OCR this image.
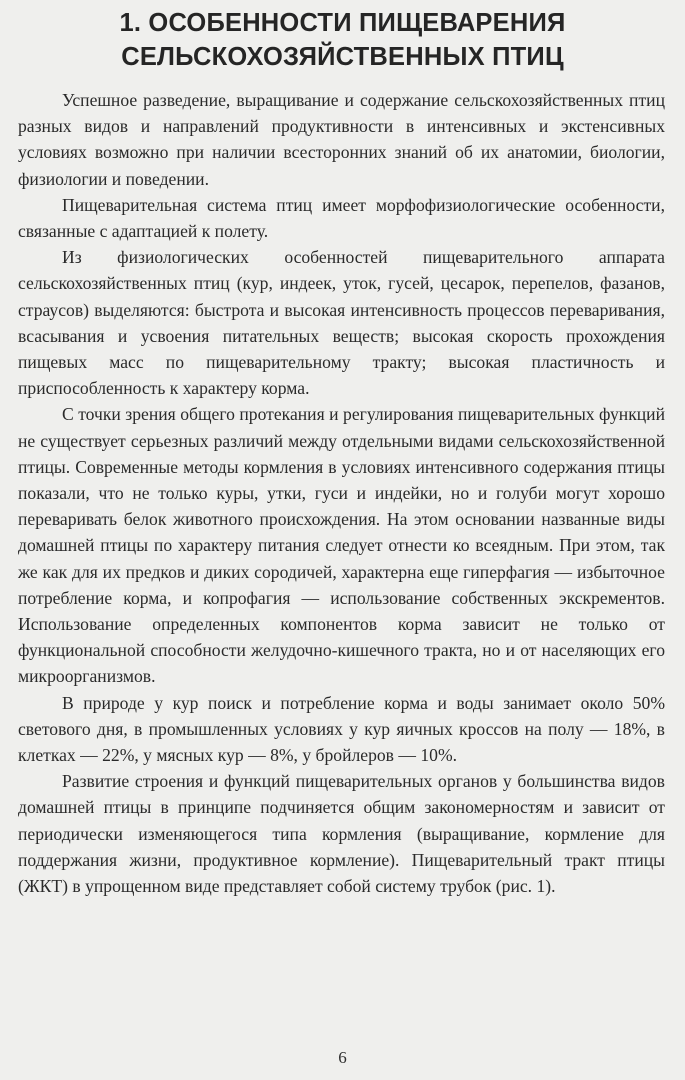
1. ОСОБЕННОСТИ ПИЩЕВАРЕНИЯ
СЕЛЬСКОХОЗЯЙСТВЕННЫХ ПТИЦ

Успешное разведение, выращивание и содержание сельскохозяйственных птиц разных видов и направлений продуктивности в интенсивных и экстенсивных условиях возможно при наличии всесторонних знаний об их анатомии, биологии, физиологии и поведении.

Пищеварительная система птиц имеет морфофизиологические особенности, связанные с адаптацией к полету.

Из физиологических особенностей пищеварительного аппарата сельскохозяйственных птиц (кур, индеек, уток, гусей, цесарок, перепелов, фазанов, страусов) выделяются: быстрота и высокая интенсивность процессов переваривания, всасывания и усвоения питательных веществ; высокая скорость прохождения пищевых масс по пищеварительному тракту; высокая пластичность и приспособленность к характеру корма.

С точки зрения общего протекания и регулирования пищеварительных функций не существует серьезных различий между отдельными видами сельскохозяйственной птицы. Современные методы кормления в условиях интенсивного содержания птицы показали, что не только куры, утки, гуси и индейки, но и голуби могут хорошо переваривать белок животного происхождения. На этом основании названные виды домашней птицы по характеру питания следует отнести ко всеядным. При этом, так же как для их предков и диких сородичей, характерна еще гиперфагия — избыточное потребление корма, и копрофагия — использование собственных экскрементов. Использование определенных компонентов корма зависит не только от функциональной способности желудочно-кишечного тракта, но и от населяющих его микроорганизмов.

В природе у кур поиск и потребление корма и воды занимает около 50% светового дня, в промышленных условиях у кур яичных кроссов на полу — 18%, в клетках — 22%, у мясных кур — 8%, у бройлеров — 10%.

Развитие строения и функций пищеварительных органов у большинства видов домашней птицы в принципе подчиняется общим закономерностям и зависит от периодически изменяющегося типа кормления (выращивание, кормление для поддержания жизни, продуктивное кормление). Пищеварительный тракт птицы (ЖКТ) в упрощенном виде представляет собой систему трубок (рис. 1).

6
